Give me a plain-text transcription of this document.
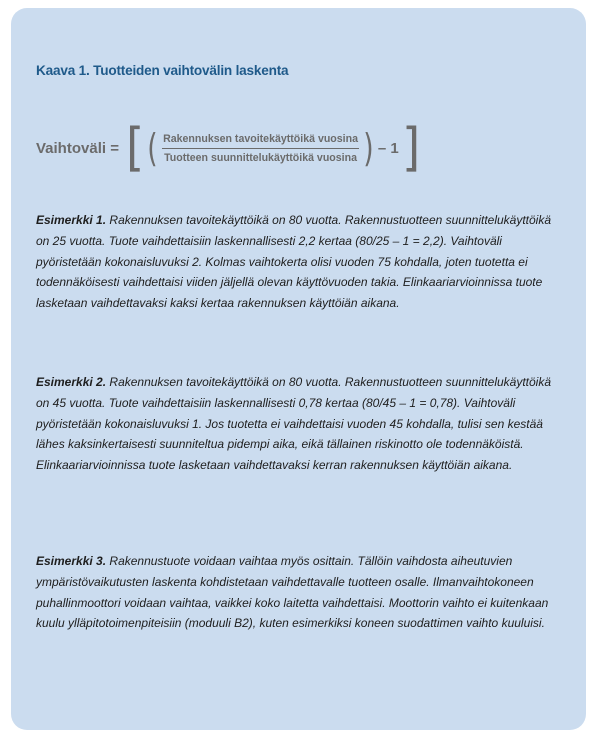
Kaava 1. Tuotteiden vaihtovälin laskenta
Vaihtoväli = [ ( $\frac{\text{Rakennuksen tavoitekäyttöikä vuosina}}{\text{Tuotteen suunnittelukäyttöikä vuosina}}$ ) – 1 ]

Esimerkki 1. Rakennuksen tavoitekäyttöikä on 80 vuotta. Rakennustuotteen suunnittelukäyttöikä on 25 vuotta. Tuote vaihdettaisiin laskennallisesti 2,2 kertaa (80/25 – 1 = 2,2). Vaihtoväli pyöristetään kokonaisluvuksi 2. Kolmas vaihtokerta olisi vuoden 75 kohdalla, joten tuotetta ei todennäköisesti vaihdettaisi viiden jäljellä olevan käyttövuoden takia. Elinkaariarvioinnissa tuote lasketaan vaihdettavaksi kaksi kertaa rakennuksen käyttöiän aikana.

Esimerkki 2. Rakennuksen tavoitekäyttöikä on 80 vuotta. Rakennustuotteen suunnittelukäyttöikä on 45 vuotta. Tuote vaihdettaisiin laskennallisesti 0,78 kertaa (80/45 – 1 = 0,78). Vaihtoväli pyöristetään kokonaisluvuksi 1. Jos tuotetta ei vaihdettaisi vuoden 45 kohdalla, tulisi sen kestää lähes kaksinkertaisesti suunniteltua pidempi aika, eikä tällainen riskinotto ole todennäköistä. Elinkaariarvioinnissa tuote lasketaan vaihdettavaksi kerran rakennuksen käyttöiän aikana.

Esimerkki 3. Rakennustuote voidaan vaihtaa myös osittain. Tällöin vaihdosta aiheutuvien ympäristövaikutusten laskenta kohdistetaan vaihdettavalle tuotteen osalle. Ilmanvaihtokoneen puhallinmoottori voidaan vaihtaa, vaikkei koko laitetta vaihdettaisi. Moottorin vaihto ei kuitenkaan kuulu ylläpitotoimenpiteisiin (moduuli B2), kuten esimerkiksi koneen suodattimen vaihto kuuluisi.
